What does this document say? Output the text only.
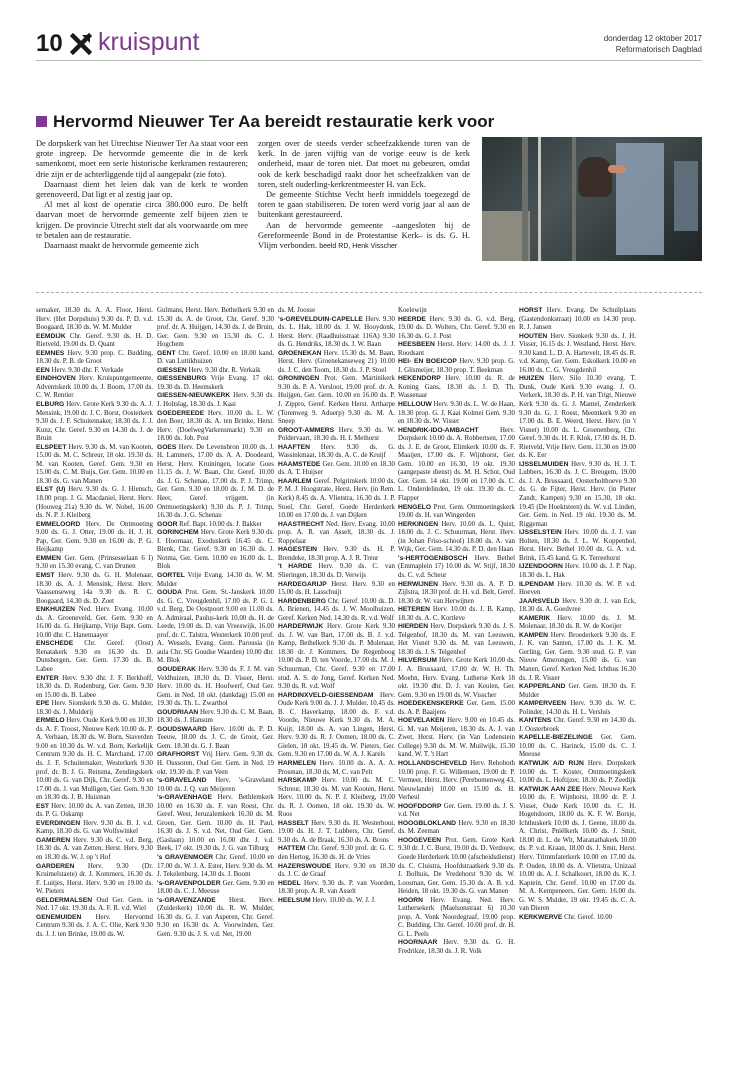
10 kruispunt	donderdag 12 oktober 2017
Reformatorisch Dagblad
Hervormd Nieuwer Ter Aa bereidt restauratie kerk voor

De dorpskerk van het Utrechtse Nieuwer Ter Aa staat voor een grote ingreep. De hervormde gemeente die in de kerk samenkomt, moet een serie historische kerkramen restaureren; drie zijn er de achterliggende tijd al aangepakt (zie foto).

Daarnaast dient het leien dak van de kerk te worden gerenoveerd. Dat ligt er al zestig jaar op.

Al met al kost de operatie circa 380.000 euro. De helft daarvan moet de hervormde gemeente zelf bijeen zien te krijgen. De provincie Utrecht stelt dat als voorwaarde om mee te betalen aan de restauratie.

Daarnaast maakt de hervormde gemeente zich

zorgen over de steeds verder scheefzakkende toren van de kerk. In de jaren vijftig van de vorige eeuw is de kerk onderheid, maar de toren niet. Dat moet nu gebeuren, omdat ook de kerk beschadigd raakt door het scheefzakken van de toren, stelt ouderling-kerkrentmeester H. van Eck.

De gemeente Stichtse Vecht heeft inmiddels toegezegd de toren te gaan stabiliseren. De toren werd vorig jaar al aan de buitenkant gerestaureerd.

Aan de hervormde gemeente –aangesloten bij de Gereformeerde Bond in de Protestantse Kerk– is ds. G. H. Vlijm verbonden. beeld RD, Henk Visscher

semaker, 18.30 ds. A. A. Floor, Herst. Herv. (Het Dorpshuis) 9.30 ds. P. D. v.d. Boogaard, 18.30 ds. W. M. Mulder

EEMDIJK Chr. Geref. 9.30 ds. H. D. Rietveld, 19.00 ds. D. Quant

EEMNES Herv. 9.30 prop. C. Budding, 18.30 ds. P. B. de Groot

EEN Herv. 9.30 dhr. F. Verkade

EINDHOVEN Herv. Kruispuntgemeente, Adventskerk 10.00 ds. J. Boom, 17.00 ds. C. W. Rentier

ELBURG Herv. Grote Kerk 9.30 ds. A. J. Mensink, 19.00 dr. J. C. Borst, Oosterkerk 9.30 ds. J. F. Schuitemaker, 18.30 ds. J. J. Kunz, Chr. Geref. 9.30 en 14.30 ds. J. de Bruin

ELSPEET Herv. 9.30 ds. M. van Kooten, 15.00 ds. M. C. Schreur, 18 okt. 19.30 ds. M. van Kooten, Geref. Gem. 9.30 en 15.00 ds. C. M. Buijs, Ger. Gem. 10.00 en 18.30 ds. G. van Manen

ELST (U) Herv. 9.30 ds. G. J. Hiensch, 18.00 prop. J. G. Macdaniel, Herst. Herv. (Houweg 21a) 9.30 ds. W. Nobel, 16.00 ds. N. P. J. Kleiberg

EMMELOORD Herv. De Ontmoeting 9.00 ds. G. J. Otter, 19.00 ds. H. J. H. Pap, Ger. Gem. 9.30 en 16.00 ds. P. G. Heijkamp

EMMEN Ger. Gem. (Prinsesselaan 6 I) 9.30 en 15.30 evang. C. van Drunen

EMST Herv. 9.30 ds. G. H. Molenaar, 18.30 ds. A. J. Mensink, Herst. Herv. Vaassenseweg 14a 9.30 ds. R. C. Boogaard, 14.30 ds. D. Zoet

ENKHUIZEN Ned. Herv. Evang. 10.00 ds. A. Groeneveld, Ger. Gem. 9.30 en 16.00 ds. G. Heijkamp, Vrije Bapt. Gem. 10.00 dhr. C. Hanemaayer

ENSCHEDE Chr. Geref. (Oost) Renatakerk 9.30 en 16.30 ds. D. Dunsbergen, Ger. Gem. 17.30 ds. B. Labee

ENTER Herv. 9.30 dhr. J. F. Berkhoff, 18.30 ds. D. Rodenburg, Ger. Gem. 9.30 en 15.00 ds. B. Labee

EPE Herv. Sionskerk 9.30 ds. G. Mulder, 18.30 ds. J. Mulderij

ERMELO Herv. Oude Kerk 9.00 en 10.30 ds. A. F. Troost, Nieuwe Kerk 10.00 ds. P. A. Verbaan, 18.30 ds. W. Born, Staverden 9.00 en 10.30 ds. W. v.d. Born, Kerkelijk Centrum 9.30 ds. H. C. Marchand, 17.00 ds. J. F. Schuitemaker, Westerkerk 9.30 prof. dr. B. J. G. Reitsma, Zendingskerk 10.00 ds. G. van Dijk, Chr. Geref. 9.30 en 17.00 ds. J. van Mulligen, Ger. Gem. 9.30 en 18.30 ds. J. B. Huisman

EST Herv. 10.00 ds. A. van Zetten, 18.30 ds. P. G. Oskamp

EVERDINGEN Herv. 9.30 ds. B. J. v.d. Kamp, 18.30 ds. G. van Wolfswinkel

GAMEREN Herv. 9.30 ds. C. v.d. Berg, 18.30 ds. A. van Zetten, Herst. Herv. 9.30 en 18.30 ds. W. J. op 't Hof

GARDEREN Herv. 9.30 (Dr. Kruimelstaete) dr. J. Kommers, 16.30 ds. F. Luitjes, Herst. Herv. 9.30 en 19.00 ds. W. Pieters

GELDERMALSEN Oud Ger. Gem. in Ned. 17 okt. 19.30 ds. A. F. R. v.d. Wiel

GENEMUIDEN Herv. Hervormd Centrum 9.30 ds. J. A. C. Olie, Kerk 9.30 ds. J. J. ten Brinke, 19.00 ds. W.

Gulmans, Herst. Herv. Bethelkerk 9.30 en 15.30 ds. A. de Groot, Chr. Geref. 9.30 prof. dr. A. Huijgen, 14.30 ds. J. de Bruin, Ger. Gem. 9.30 en 15.30 ds. C. J. Hogchem

GENT Chr. Geref. 10.00 en 18.00 kand. D. van Luttikhuizen

GIESSEN Herv. 9.30 dhr. R. Verkaik

GIESSENBURG Vrije Evang. 17 okt. 19.30 ds. D. Heemskerk

GIESSEN-NIEUWKERK Herv. 9.30 ds. J. Holtslag, 18.30 ds. J. Kaai

GOEDEREEDE Herv. 10.00 ds. L. W. den Boer, 18.30 ds. A. ten Brinke, Herst. Herv. (DoelwegVarkensmarkt) 9.30 en 18.00 ds. Job. Post

GOES Herv. De Levensbron 10.00 ds. J. H. Lammers, 17.00 ds. A. A. Doodeard, Herst. Herv. Kruiningen, locatie Goes 11.15 ds. J. W. Baan, Chr. Geref. 10.00 ds. J. G. Schenau, 17.00 ds. P. J. Trimp, Ger. Gem. 9.30 en 18.00 ds. J. M. D. de Heer, Geref. vrijgem. (in Ontmoetingskerk) 9.30 ds. P. J. Trimp, 16.30 ds. J. G. Schenau

GOOR Ref. Bapt. 10.00 ds. J. Bakker

GORINCHEM Herv. Grote Kerk 9.30 ds. I. Hoornaar, Exoduskerk 16.45 ds. C. Blenk, Chr. Geref. 9.30 en 16.30 ds. J. Notma, Ger. Gem. 10.00 en 16.00 ds. L. Blok

GORTEL Vrije Evang. 14.30 ds. W. M. Mulder

GOUDA Prot. Gem. St.-Janskerk 10.00 ds. G. C. Vreugdenhil, 17.00 ds. P. G. I. v.d. Berg, De Oostpoort 9.00 en 11.00 ds. A. Admiraal, Paulus-kerk 10.00 ds. H. de Leede, 19.00 ds. D. van Vreeswijk, 16.00 prof. dr. C. Talstra, Westerkerk 10.00 prof. A. Wessels, Evang. Gem. Parousia (in aula Chr. SG Goudse Waarden) 10.00 dhr. M. Blok

GOUDERAK Herv. 9.30 ds. F. J. M. van Veldhuizen, 18.30 ds. D. Visser, Herst. Herv. 10.00 ds. H. Hoofwerf, Oud Ger. Gem. in Ned. 18 okt. (dankdag) 15.00 en 19.30 ds. Th. L. Zwartbol

GOUDRIAAN Herv. 9.30 ds. C. M. Baan, 18.30 ds. J. Hansum

GOUDSWAARD Herv. 10.00 ds. P. D. Teeuw, 18.00 ds. J. C. de Groot, Ger. Gem. 18.30 ds. G. J. Baan

GRAFHORST Vrij Herv. Gem. 9.30 ds. H. Oussoren, Oud Ger. Gem. in Ned. 19 okt. 19.30 ds. P. van Veen

's-GRAVELAND Herv. 's-Graveland 10.00 ds. J. Q. van Meijeren

's-GRAVENHAGE Herv. Bethlemkerk 10.00 en 16.30 ds. F. van Roest, Chr. Geref. West, Jeruzalemkerk 16.30 ds. M. Groen, Ger. Gem. 10.00 ds. H. Paul, 16.30 ds. J. S. v.d. Net, Oud Ger. Gem. (Gaslaan) 10.00 en 16.00 dhr. J. v.d. Beek, 17 okt. 19.30 ds. J. G. van Tilburg

's GRAVENMOER Chr. Geref. 10.00 en 17.00 ds. W. J. A. Ester, Herv. 9.30 ds. M. J. Tekelenburg, 14.30 ds. J. Boom

's-GRAVENPOLDER Ger. Gem. 9.30 en 18.00 ds. C. J. Meeuse

's-GRAVENZANDE Herst. Herv. (Zuiderkerk) 10.00 ds. R. W. Mulder, 16.30 ds. G. J. van Asperen, Chr. Geref. 9.30 en 16.30 ds. A. Voorwinden, Ger. Gem. 9.30 ds. J. S. v.d. Net, 19.00

ds. M. Joosse

's-GREVELDUIN-CAPELLE Herv. 9.30 ds. L. Hak, 18.00 ds. J. W. Hooydonk, Herst. Herv. (Raadhuisstraat 116A) 9.30 ds. G. Hendriks, 18.30 ds. J. W. Baan

GROENEKAN Herv. 15.30 ds. M. Baan, Herst. Herv. (Groenekanseweg 21) 10.00 ds. J. C. den Toom, 18.30 ds. J. P. Stoel

GRONINGEN Prot. Gem. Martinikerk 9.30 ds. P. A. Versloot, 19.00 prof. dr. A. Huijgen, Ger. Gem. 10.00 en 16.00 ds. P. J. Zippro, Geref. Kerken Herst. Artharpe (Torenweg 9. Aduerp) 9.30 ds. M. A. Sneep

GROOT-AMMERS Herv. 9.30 ds. W. Poldervaart, 18.30 ds. H. I. Methorst

HAAFTEN Herv. 9.30 ds. G. Wassinkmaat, 18.30 ds. A. C. de Kruijf

HAAMSTEDE Ger. Gem. 10.00 en 18.30 ds. A. T. Huijser

HAARLEM Geref. Pelgrimkerk 10.00 ds. P. M. J. Hoogstrate, Herst. Herv. (in Rem. Kerk) 8.45 ds. A. Vlietstra, 16.30 ds. J. P. Stoel, Chr. Geref. Goede Herderkerk 10.00 en 17.00 ds. J. van Dijken

HAASTRECHT Ned. Herv. Evang. 10.00 prop. A. R. van Asselt, 18.30 ds. J. Roppelaar

HAGESTEIN Herv. 9.30 ds. H. P. Brendeke, 18.30 prop. A. J. R. Treur

't HARDE Herv. 9.30 ds. C. van Slieringen, 18.30 ds. D. Verwijs

HARDEGARIJP Herst. Herv. 9.30 en 15.00 ds. H. Lasschuijt

HARDENBERG Chr. Geref. 10.00 ds. D. A. Brienen, 14.45 ds. J. W. Moolhuizen, Geref. Kerken Ned. 14.30 ds. R. v.d. Wolf

HARDERWIJK Herv. Grote Kerk 9.30 ds. J. W. van Bart, 17.00 ds. B. J. v.d. Kamp, Bethelkerk 9.30 ds. P. Molenaar, 18.30 dr. J. Kommers, De Regenboog 10.00 ds. P. D. ten Voorde, 17.00 ds. M. J. Schuurman, Chr. Geref. 9.30 en 17.00 stud. A. S. de Jong, Geref. Kerken Ned. 9.30 ds. R. v.d. Wolf

HARDINXVELD-GIESSENDAM Herv. Oude Kerk 9.00 ds. J. J. Mulder, 10.45 ds. B. C. Haverkamp, 18.00 ds. F. v.d. Voorde, Nieuwe Kerk 9.30 ds. M. A. Kuijt, 18.00 ds. A. van Lingen, Herst. Herv. 9.30 ds. R. J. Oomen, 18.00 ds. C. Gielen, 18 okt. 19.45 ds. W. Pieters, Ger. Gem. 9.30 en 17.00 ds. W. A. J. Karels

HARMELEN Herv. 10.00 ds. A. A. A. Prosman, 18.30 ds. M. C. van Pelt

HARSKAMP Herv. 10.00 ds. M. C. Schreur, 18.30 ds. M. van Kooten, Herst. Herv. 10.00 ds. N. P. J. Kleiberg, 19.00 ds. R. J. Oomen, 18 okt. 19.30 ds. W. Roos

HASSELT Herv. 9.30 ds. H. Westerhout, 19.00 ds. H. J. T. Lubbers, Chr. Geref. 9.30 ds. A. de Braak, 16.30 ds. A. Brons

HATTEM Chr. Geref. 9.30 prof. dr. G. C. den Hertog, 16.30 ds. H. de Vries

HAZERSWOUDE Herv. 9.30 en 18.30 ds. J. C. de Graaf

HEDEL Herv. 9.30 ds. P. van Voorden, 18.30 prop. A. R. van Asselt

HEELSUM Herv. 10.00 ds. W. J. J.

Koelewijn

HEERDE Herv. 9.30 ds. G. v.d. Berg, 19.00 ds. D. Wolters, Chr. Geref. 9.30 en 16.30 ds. G. J. Post

HEESBEEN Herst. Herv. 14.00 ds. J. J. Roodsant

HEI- EN BOEICOP Herv. 9.30 prop. G. J. Glismeijer, 18.30 prop. T. Beekman

HEKENDORP Herv. 10.00 ds. R. de Koning Gans, 18.30 ds. J. D. Th. Wassenaar

HELLOUW Herv. 9.30 ds. L. W. de Haan, 18.30 prop. G. J. Kaai Kolmei Gem. 9.30 en 18.30 ds. W. Visser

HENDRIK-IDO-AMBACHT	Herv. Dorpskerk 10.00 ds. A. Robbertsen, 17.00 ds. J. E. de Groot, Elimkerk 10.00 ds. F. Maaijen, 17.00 ds. F. Wijnhorst, Ger. Gem. 10.00 en 16.30, 19 okt. 19.30 (aangepaste dienst) ds. M. H. Schot, Oud Ger. Gem. 14 okt. 19.00 en 17.00 ds. C. L. Onderdelinden, 19 okt. 19.30 ds. C. Flapper

HENGELO Prot. Gem. Ontmoetingskerk 19.00 ds. H. van Wingerden

HERKINGEN Herv. 10.00 ds. L. Quist, 18.00 ds. J. C. Schuurman, Herst. Herv. (in Johan Friso-school) 18.00 ds. A. van Wijk, Ger. Gem. 14.30 ds. P. D. den Haan

's-HERTOGENBOSCH Herv. Bethel (Emmaplein 17) 10.00 ds. W. Stijf, 18.30 ds. C. v.d. Scheur

HERWIJNEN Herv. 9.30 ds. A. P. D. Zijlstra, 18.30 prof. dr. H. v.d. Belt, Geref. 18.30 dr. W. van Herwijnen

HETEREN Herv. 10.00 ds. J. B. Kamp, 18.30 ds. A. C. Kortleve

HIERDEN Herv. Dorpskerk 9.30 ds. J. S. Telgenhof, 18.30 ds. M. van Leeuwen, Het Visnet 9.30 ds. M. van Leeuwen, 18.30 ds. J. S. Telgenhof

HILVERSUM Herv. Grote Kerk 10.00 ds. J. A. Brussaard, 17.00 dr. W. H. Th. Moehn, Herv. Evang. Lutherse Kerk 18 okt. 19.30 dhr. D. J. van Keulen, Ger. Gem. 9.30 en 19.00 ds. W. Visscher

HOEDEKENSKERKE Ger. Gem. 15.00 ds. A. P. Baaijens

HOEVELAKEN Herv. 9.00 en 10.45 ds. G. M. van Meijeren, 18.30 ds. A. J. van Zwet, Herst. Herv. (in Van Lodenstein College) 9.30 ds. M. W. Muilwijk, 15.30 kand. W. T. 't Hart

HOLLANDSCHEVELD Herv. Rehoboth 10.00 prop. F. G. Willemsen, 19.00 dr. P. Vermeer, Herst. Herv. (Perebomenweg 43, Nieuwlande) 10.00 en 15.00 ds. H. Verheul

HOOFDDORP Ger. Gem. 19.00 ds. J. S. v.d. Net

HOOGBLOKLAND Herv. 9.30 en 18.30 ds. M. Zeeman

HOOGEVEEN Prot. Gem. Grote Kerk 9.30 dr. J. C. Borst, 19.00 ds. D. Verdouw, Goede Herderkerk 10.00 (afscheidsdienst) ds. C. Cluistra, Hoofdstraatkerk 9.30 ds. J. Bolhuis, De Vredehorst 9.30 ds. W. Loosman, Ger. Gem. 15.30 ds. A. B. v.d. Heiden, 18 okt. 19.30 ds. G. van Manen

HOORN Herv. Evang. Ned. Herv. Luthersekerk (Maelsonstraat 6) 10.30 prop. A. Vonk Noordegraaf, 19.00 prop. C. Budding, Chr. Geref. 10.00 prof. dr. H. G. L. Peels

HOORNAAR Herv. 9.30 ds. G. H. Fredrikze, 18.30 ds. J. R. Volk

HORST Herv. Evang. De Schuilplaats (Gastendonkstraat) 10.00 en 14.30 prop. R. J. Jansen

HOUTEN Herv. Sionkerk 9.30 ds. J. H. Visser, 16.15 ds. J. Westland, Herst. Herv. 9.30 kand. L. D. A. Hartevelt, 18.45 ds. R. v.d. Kamp, Ger. Gem. Eskolkerk 10.00 en 16.00 ds. C. G. Vreugdenhil

HUIZEN Herv. Silo 10.30 evang. T. Dunk, Oude Kerk 9.30 evang. J. O. Verkerk, 18.30 ds. P. H. van Trigt, Nieuwe Kerk 9.30 ds. G. J. Mantel, Zenderkerk 9.30 ds. G. J. Roest, Meentkerk 9.30 en 17.00 ds. B. E. Weerd, Herst. Herv. (in 't Visnet) 10.00 ds. L. Groenenberg, Chr. Geref. 9.30 ds. H. F. Klok, 17.00 ds. H. D. Rietveld, Vrije Herv. Gem. 11.30 en 19.00 ds. K. Eer

IJSSELMUIDEN Herv. 9.30 ds. H. J. T. Lubbers, 16.30 ds. J. C. Breugem, 19.00 ds. J. A. Brussaard, Oosterholthoeve 9.30 ds. G. de Fijter, Herst. Herv. (in Pieter Zandt, Kampen) 9.30 en 15.30, 18 okt. 19.45 (De Hoektsteen) ds. W. v.d. Linden, Ger. Gem. in Ned. 19 okt. 19.30 ds. M. Riggeman

IJSSELSTEIN Herv. 10.00 ds. J. J. van Holten, 18.30 ds. J. L. W. Koppenhol, Herst. Herv. Bethel 10.00 ds. G. A. v.d. Brink, 15.45 kand. G. K. Terreehorst

IJZENDOORN Herv. 10.00 ds. J. P. Nap, 18.30 ds. L. Hak

ILPENDAM Herv. 10.30 ds. W. P. v.d. Hoeven

JAARSVELD Herv. 9.30 dr. J. van Eck, 18.30 ds. A. Goedvree

KAMERIK Herv. 10.00 ds. J. M. Molenaar, 18.30 ds. R. W. de Koeijer

KAMPEN Herv. Broederkerk 9.30 ds. F. J. K. van Santen, 17.00 ds. J. K. M. Gerling, Ger. Gem. 9.30 stud. G. P. van Nieuw Amerongen, 15.00 ds. G. van Manen, Geref. Kerken Ned. Ichthus 16.30 ds. J. R. Visser

KAPPERLAND Ger. Gem. 18.30 ds. F. Mulder

KAMPERVEEN Herv. 9.30 ds. W. C. Polinder, 14.30 ds. H. L. Versluis

KANTENS Chr. Geref. 9.30 en 14.30 ds. J. Oosterbroek

KAPELLE-BIEZELINGE Ger. Gem. 10.00 ds. C. Harinck, 15.00 ds. C. J. Meeuse

KATWIJK A/D RIJN Herv. Dorpskerk 10.00 ds. T. Koster, Ontmoetingskerk 10.00 ds. L. Hoftijzer, 18.30 ds. P. Zeedijk

KATWIJK AAN ZEE Herv. Nieuwe Kerk 10.00 ds. F. Wijnhorst, 18.00 dr. P. J. Visser, Oude Kerk 10.00 ds. C. H. Hogendoorn, 18.00 ds. K. F. W. Borsje, Ichthuskerk 10.00 ds. J. Geene, 18.00 ds. A. Christ, Pniëlkerk 10.00 ds. J. Smit, 18.00 dr. L. de Wit, Maranathakerk 10.00 ds. P. v.d. Kraan, 18.00 ds. J. Smit, Herst. Herv. Trimmfaterkerk 10.00 en 17.00 ds. P. Ouden, 18.00 ds. A. Vlietstra, Unizaal 10.00 ds. A. J. Schalkoort, 18.00 ds. K. J. Kaptein, Chr. Geref. 10.00 en 17.00 ds. M. A. Kempeneers, Ger. Gem. 16.00 ds. G. W. S. Mulder, 19 okt. 19.45 ds. C. A. van Dieren

KERKWERVE Chr. Geref. 10.00
